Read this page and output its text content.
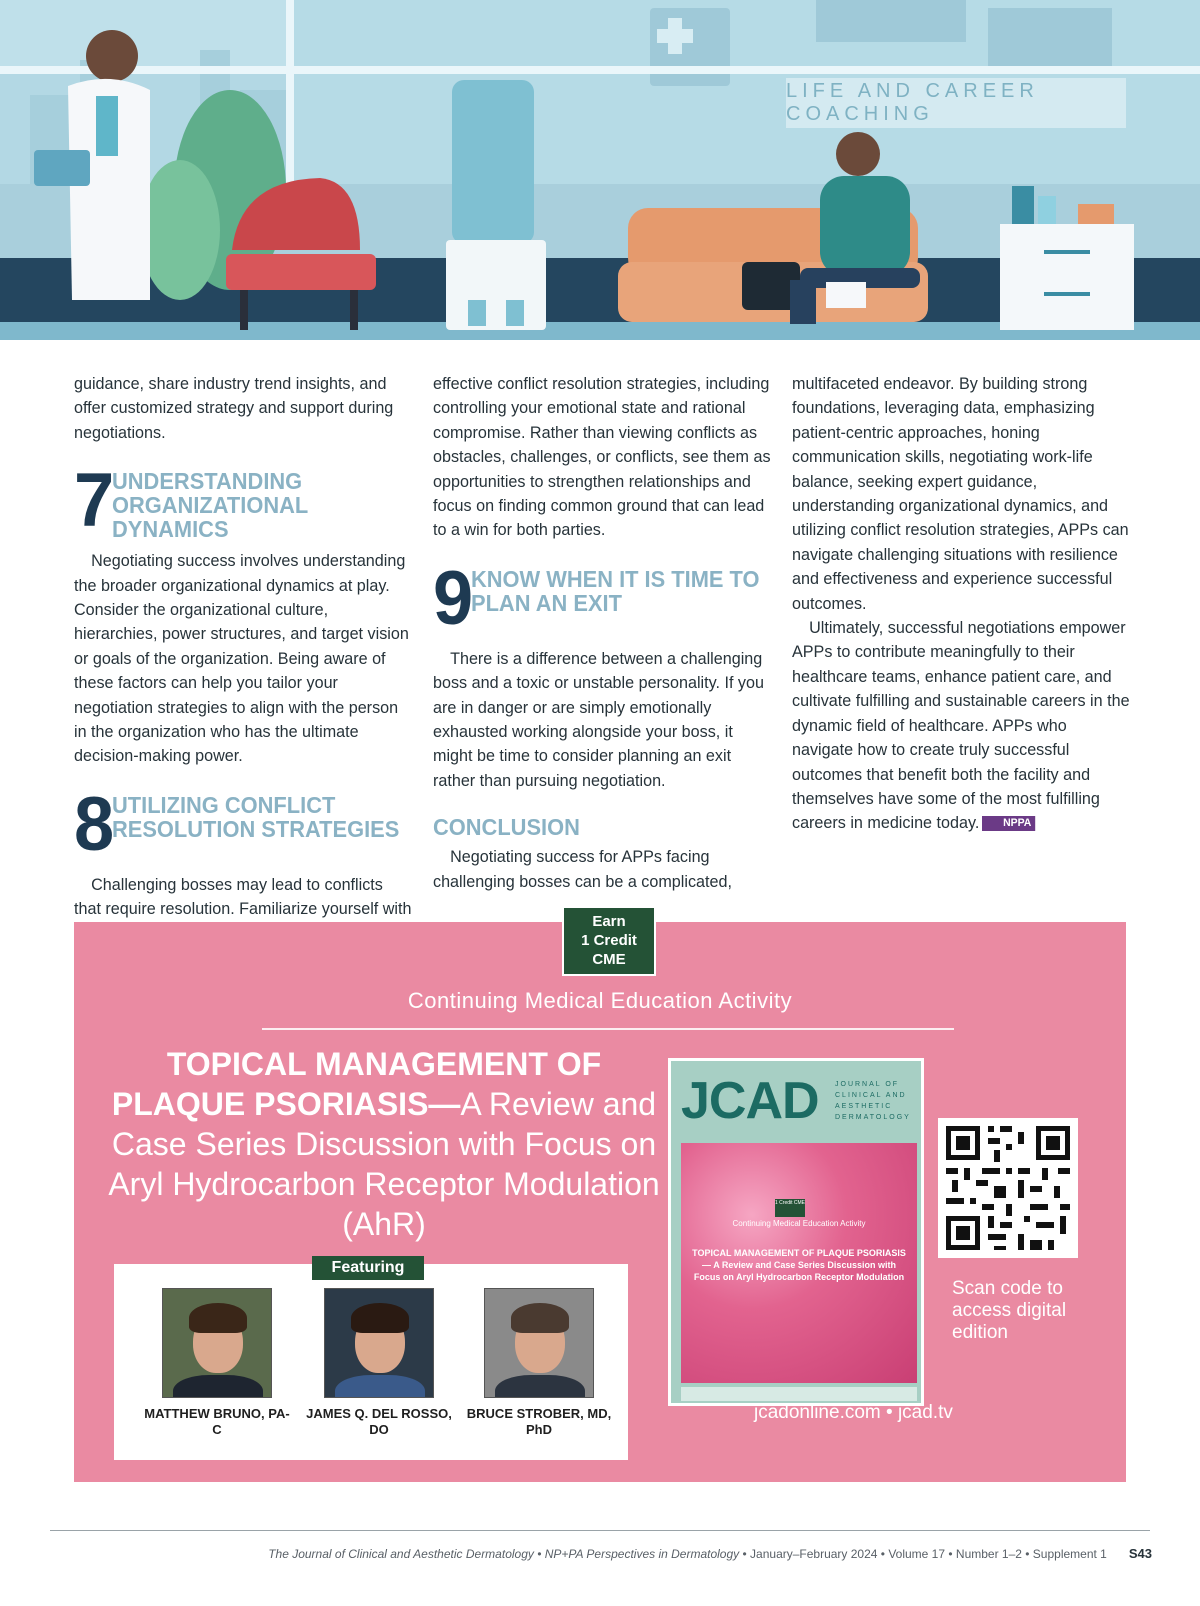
LIFE AND CAREER COACHING

guidance, share industry trend insights, and offer customized strategy and support during negotiations.

7
UNDERSTANDING ORGANIZATIONAL DYNAMICS

Negotiating success involves understanding the broader organizational dynamics at play. Consider the organizational culture, hierarchies, power structures, and target vision or goals of the organization. Being aware of these factors can help you tailor your negotiation strategies to align with the person in the organization who has the ultimate decision-making power.

8
UTILIZING CONFLICT RESOLUTION STRATEGIES

Challenging bosses may lead to conflicts that require resolution. Familiarize yourself with

effective conflict resolution strategies, including controlling your emotional state and rational compromise. Rather than viewing conflicts as obstacles, challenges, or conflicts, see them as opportunities to strengthen relationships and focus on finding common ground that can lead to a win for both parties.

9
KNOW WHEN IT IS TIME TO PLAN AN EXIT

There is a difference between a challenging boss and a toxic or unstable personality. If you are in danger or are simply emotionally exhausted working alongside your boss, it might be time to consider planning an exit rather than pursuing negotiation.

CONCLUSION

Negotiating success for APPs facing challenging bosses can be a complicated,

multifaceted endeavor. By building strong foundations, leveraging data, emphasizing patient-centric approaches, honing communication skills, negotiating work-life balance, seeking expert guidance, understanding organizational dynamics, and utilizing conflict resolution strategies, APPs can navigate challenging situations with resilience and effectiveness and experience successful outcomes.

Ultimately, successful negotiations empower APPs to contribute meaningfully to their healthcare teams, enhance patient care, and cultivate fulfilling and sustainable careers in the dynamic field of healthcare. APPs who navigate how to create truly successful outcomes that benefit both the facility and themselves have some of the most fulfilling careers in medicine today. NPPA

Continuing Medical Education Activity
TOPICAL MANAGEMENT OF PLAQUE PSORIASIS—A Review and Case Series Discussion with Focus on Aryl Hydrocarbon Receptor Modulation (AhR)
Featuring
MATTHEW BRUNO, PA-C
JAMES Q. DEL ROSSO, DO
BRUCE STROBER, MD, PhD
JCAD JOURNAL OF CLINICAL AND AESTHETIC DERMATOLOGY
1 Credit CME
Continuing Medical Education Activity
TOPICAL MANAGEMENT OF PLAQUE PSORIASIS— A Review and Case Series Discussion with Focus on Aryl Hydrocarbon Receptor Modulation
Scan code to access digital edition
jcadonline.com • jcad.tv
Earn
1 Credit
CME
The Journal of Clinical and Aesthetic Dermatology • NP+PA Perspectives in Dermatology • January–February 2024 • Volume 17 • Number 1–2 • Supplement 1 S43
